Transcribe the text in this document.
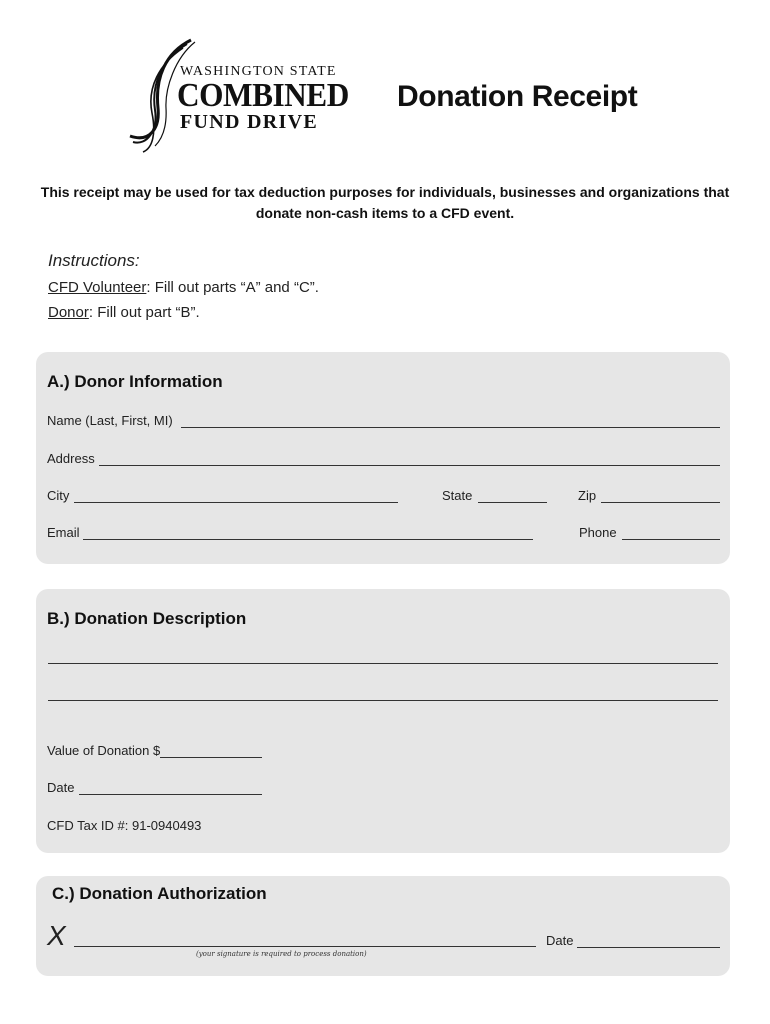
WASHINGTON STATE
COMBINED
FUND DRIVE
Donation Receipt
This receipt may be used for tax deduction purposes for individuals, businesses and organizations that donate non-cash items to a CFD event.
Instructions:
CFD Volunteer: Fill out parts “A” and “C”.
Donor: Fill out part “B”.
A.) Donor Information
Name (Last, First, MI)
Address
City	State	Zip
Email	Phone
B.) Donation Description
Value of Donation $
Date
CFD Tax ID #: 91-0940493
C.) Donation Authorization
X
(your signature is required to process donation)
Date
